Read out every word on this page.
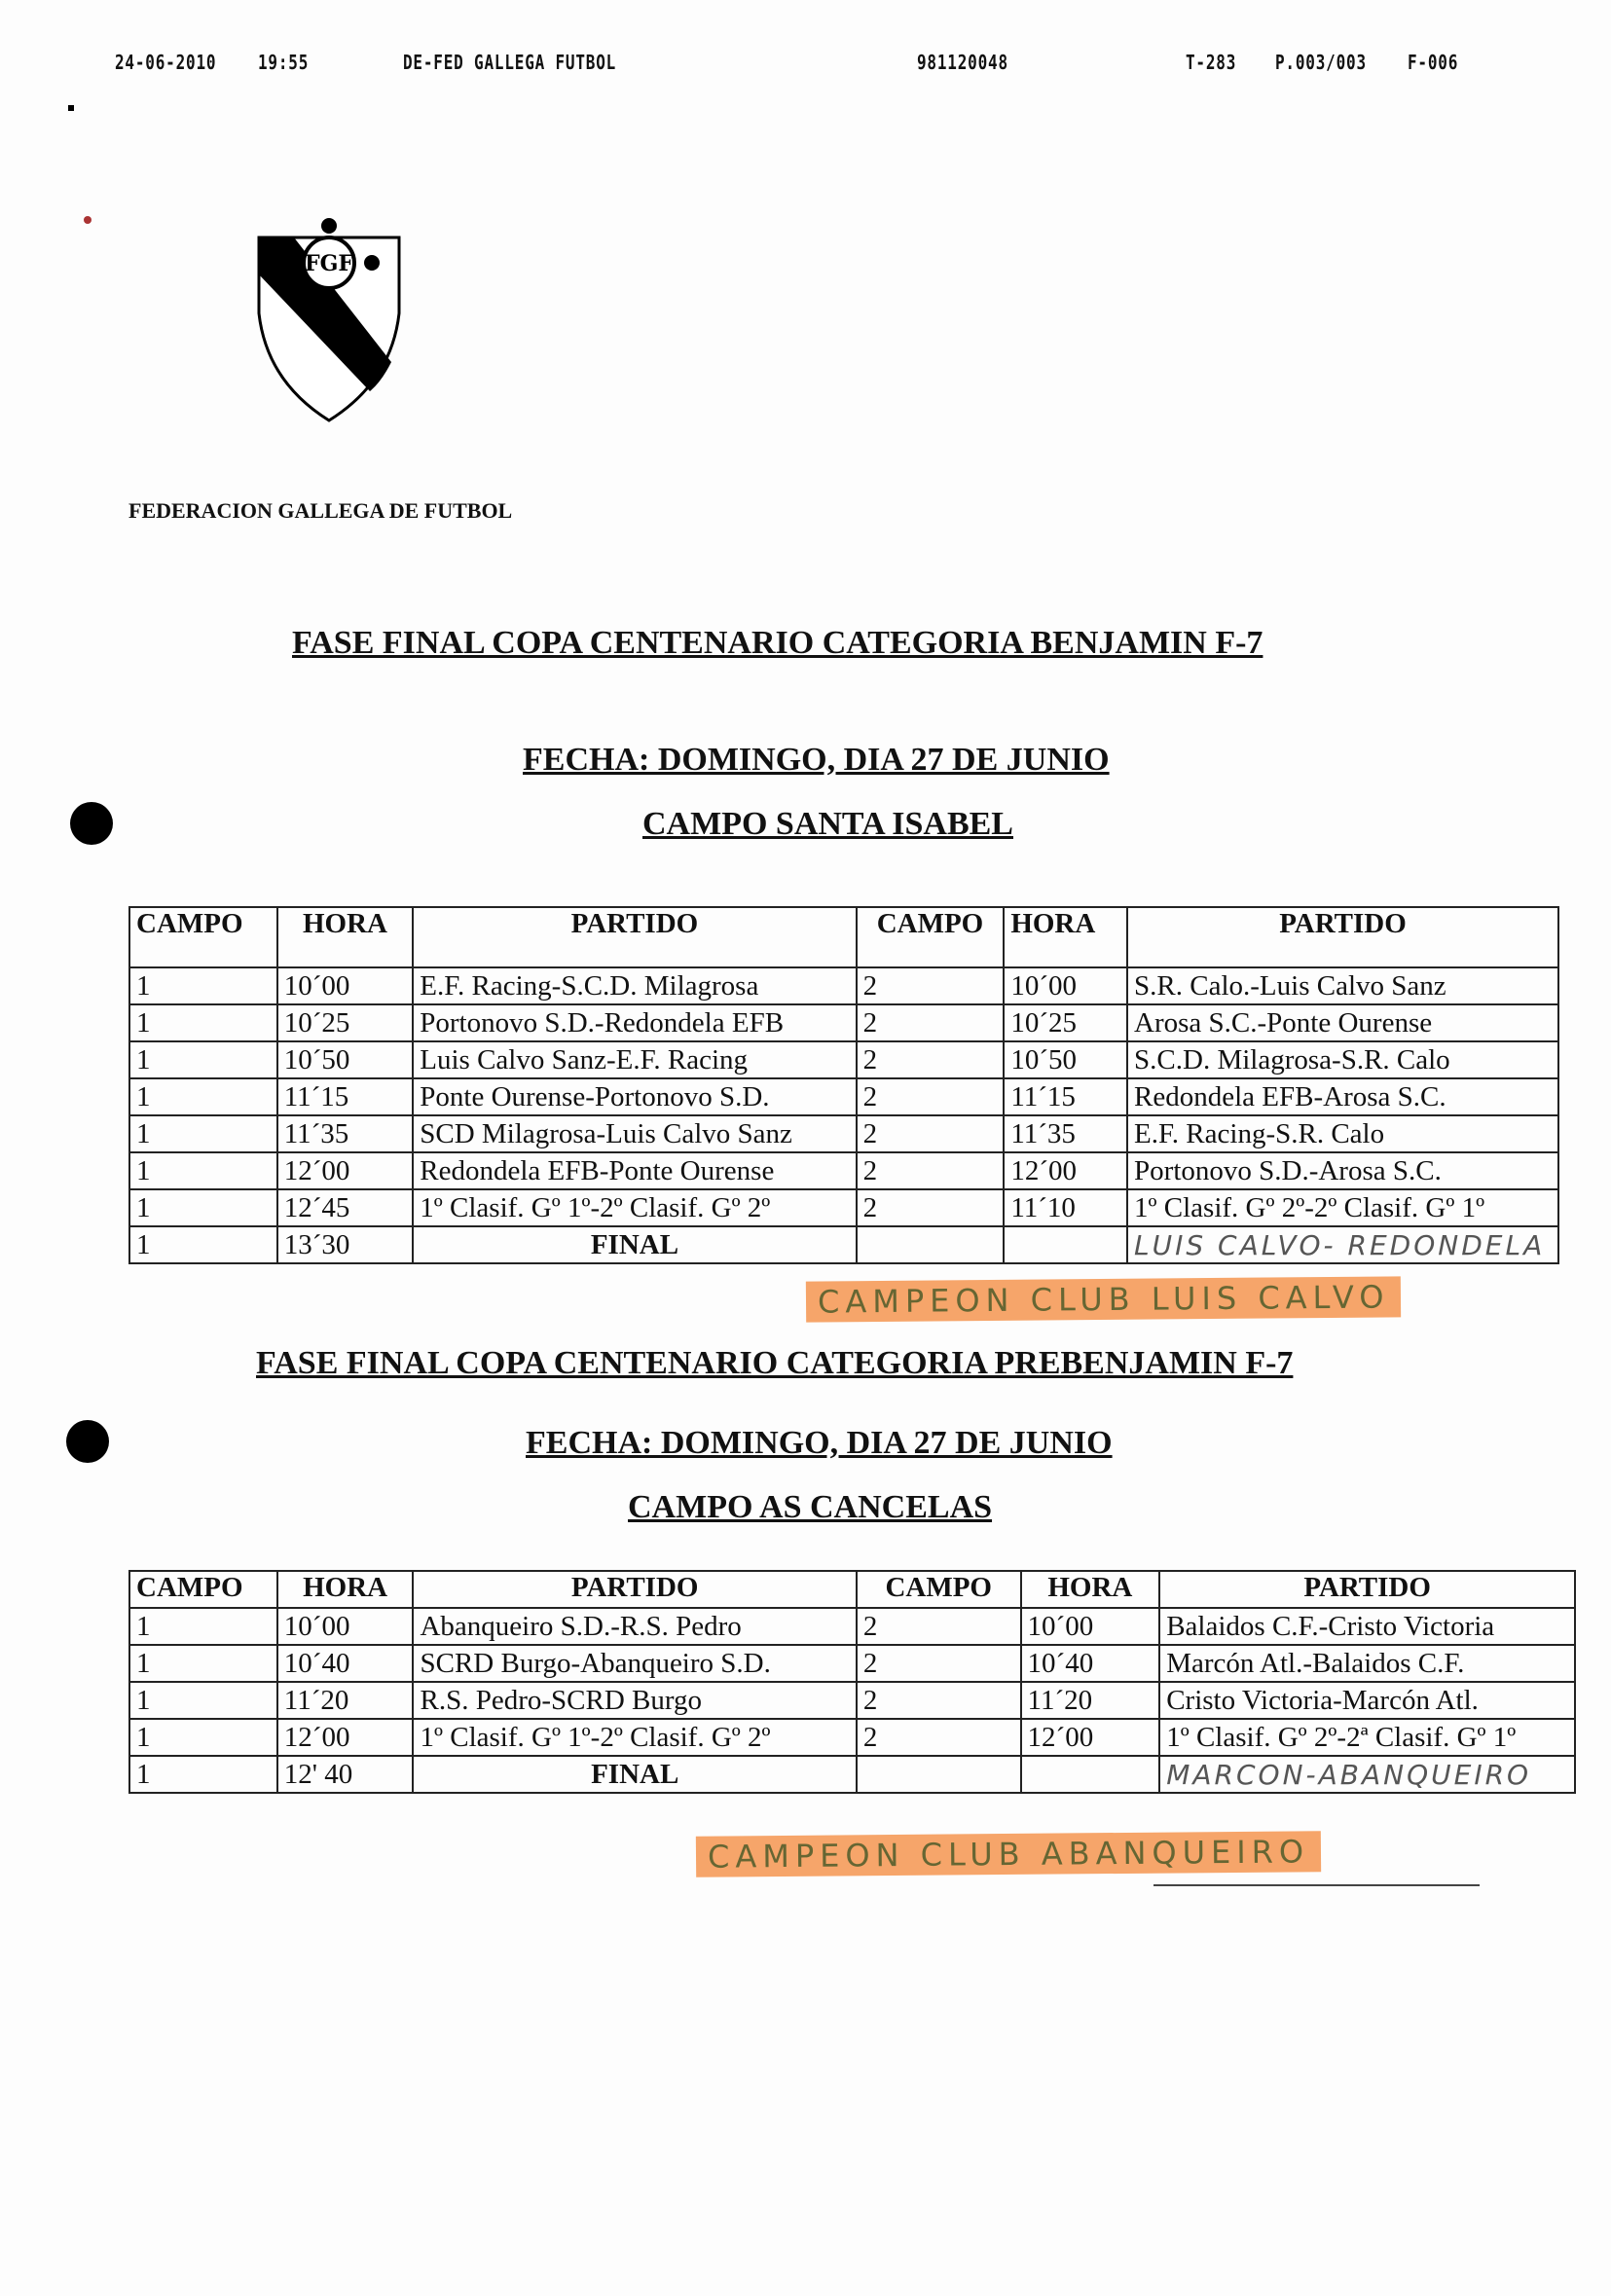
24-06-2010 19:55	DE-FED GALLEGA FUTBOL	981120048	T-283 P.003/003 F-006
FGF
FEDERACION GALLEGA DE FUTBOL
FASE FINAL COPA CENTENARIO CATEGORIA BENJAMIN F-7
FECHA: DOMINGO, DIA 27 DE JUNIO
CAMPO SANTA ISABEL
CAMPO	HORA	PARTIDO	CAMPO	HORA	PARTIDO
1	10´00	E.F. Racing-S.C.D. Milagrosa	2	10´00	S.R. Calo.-Luis Calvo Sanz
1	10´25	Portonovo S.D.-Redondela EFB	2	10´25	Arosa S.C.-Ponte Ourense
1	10´50	Luis Calvo Sanz-E.F. Racing	2	10´50	S.C.D. Milagrosa-S.R. Calo
1	11´15	Ponte Ourense-Portonovo S.D.	2	11´15	Redondela EFB-Arosa S.C.
1	11´35	SCD Milagrosa-Luis Calvo Sanz	2	11´35	E.F. Racing-S.R. Calo
1	12´00	Redondela EFB-Ponte Ourense	2	12´00	Portonovo S.D.-Arosa S.C.
1	12´45	1º Clasif. Gº 1º-2º Clasif. Gº 2º	2	11´10	1º Clasif. Gº 2º-2º Clasif. Gº 1º
1	13´30	FINAL			LUIS CALVO- REDONDELA
CAMPEON CLUB LUIS CALVO
FASE FINAL COPA CENTENARIO CATEGORIA PREBENJAMIN F-7
FECHA: DOMINGO, DIA 27 DE JUNIO
CAMPO AS CANCELAS
CAMPO	HORA	PARTIDO	CAMPO	HORA	PARTIDO
1	10´00	Abanqueiro S.D.-R.S. Pedro	2	10´00	Balaidos C.F.-Cristo Victoria
1	10´40	SCRD Burgo-Abanqueiro S.D.	2	10´40	Marcón Atl.-Balaidos C.F.
1	11´20	R.S. Pedro-SCRD Burgo	2	11´20	Cristo Victoria-Marcón Atl.
1	12´00	1º Clasif. Gº 1º-2º Clasif. Gº 2º	2	12´00	1º Clasif. Gº 2º-2ª Clasif. Gº 1º
1	12' 40	FINAL			MARCON-ABANQUEIRO
CAMPEON CLUB ABANQUEIRO
